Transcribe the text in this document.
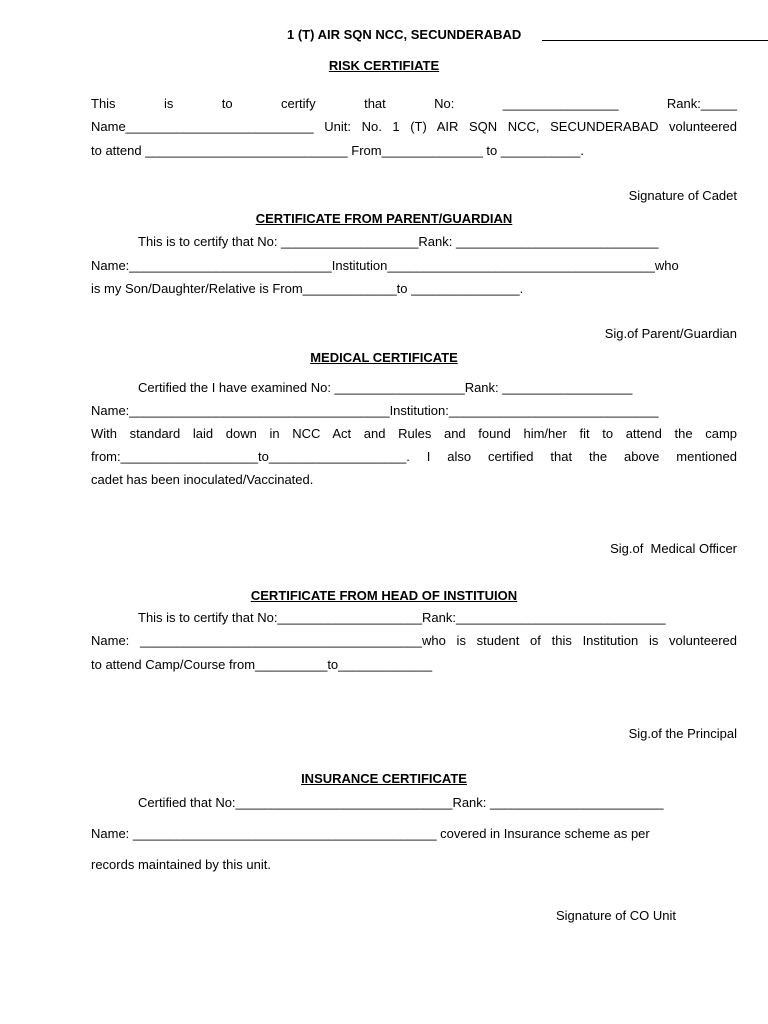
1 (T) AIR SQN NCC, SECUNDERABAD
RISK CERTIFIATE
This is to certify that No: ________________ Rank:_____
Name__________________________ Unit: No. 1 (T) AIR SQN NCC, SECUNDERABAD volunteered
to attend ____________________________ From______________ to ___________.
Signature of Cadet
CERTIFICATE FROM PARENT/GUARDIAN
This is to certify that No: ___________________Rank: ____________________________
Name:____________________________Institution_____________________________________who
is my Son/Daughter/Relative is From_____________to _______________.
Sig.of Parent/Guardian
MEDICAL CERTIFICATE
Certified the I have examined No: __________________Rank: __________________
Name:____________________________________Institution:_____________________________
With standard laid down in NCC Act and Rules and found him/her fit to attend the camp
from:___________________to___________________. I also certified that the above mentioned
cadet has been inoculated/Vaccinated.
Sig.of  Medical Officer
CERTIFICATE FROM HEAD OF INSTITUION
This is to certify that No:____________________Rank:_____________________________
Name: _______________________________________who is student of this Institution is volunteered
to attend Camp/Course from__________to_____________
Sig.of the Principal
INSURANCE CERTIFICATE
Certified that No:______________________________Rank: ________________________
Name: __________________________________________ covered in Insurance scheme as per
records maintained by this unit.
Signature of CO Unit
